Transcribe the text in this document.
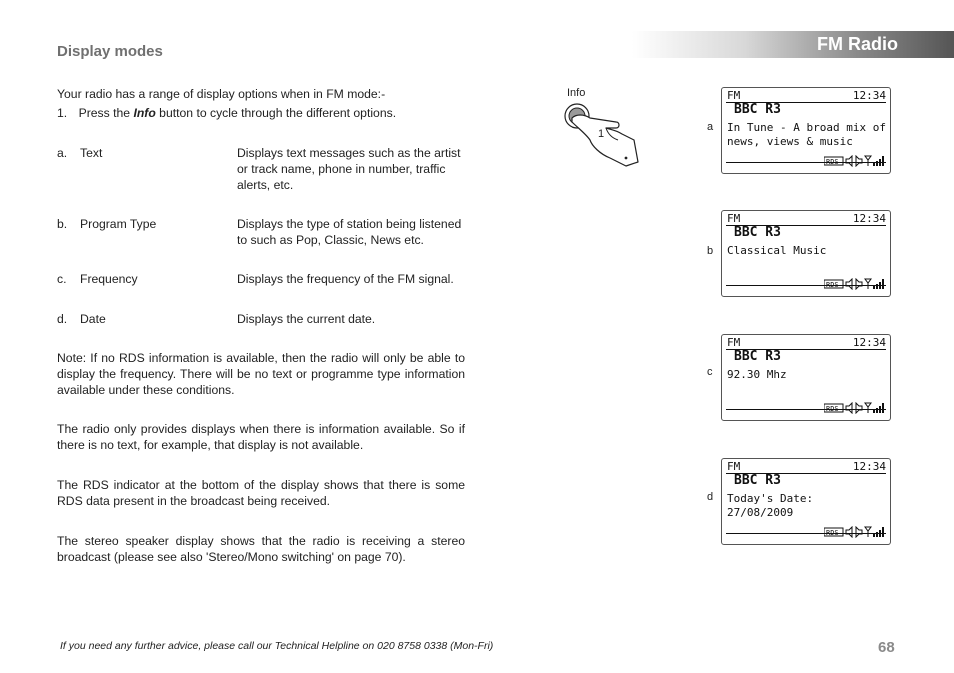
FM Radio
Display modes
Your radio has a range of display options when in FM mode:-
1. Press the Info button to cycle through the different options.
a. Text	Displays text messages such as the artist or track name, phone in number, traffic alerts, etc.
b. Program Type	Displays the type of station being listened to such as Pop, Classic, News etc.
c. Frequency	Displays the frequency of the FM signal.
d. Date	Displays the current date.
Note: If no RDS information is available, then the radio will only be able to display the frequency. There will be no text or programme type information available under these conditions.
The radio only provides displays when there is information available. So if there is no text, for example, that display is not available.
The RDS indicator at the bottom of the display shows that there is some RDS data present in the broadcast being received.
The stereo speaker display shows that the radio is receiving a stereo broadcast (please see also 'Stereo/Mono switching' on page 70).
Info
1
a
FM	12:34
BBC R3
In Tune - A broad mix of
news, views & music
RDS
b
FM	12:34
BBC R3
Classical Music
RDS
c
FM	12:34
BBC R3
92.30 Mhz
RDS
d
FM	12:34
BBC R3
Today's Date:
27/08/2009
RDS
If you need any further advice, please call our Technical Helpline on 020 8758 0338 (Mon-Fri)	68
